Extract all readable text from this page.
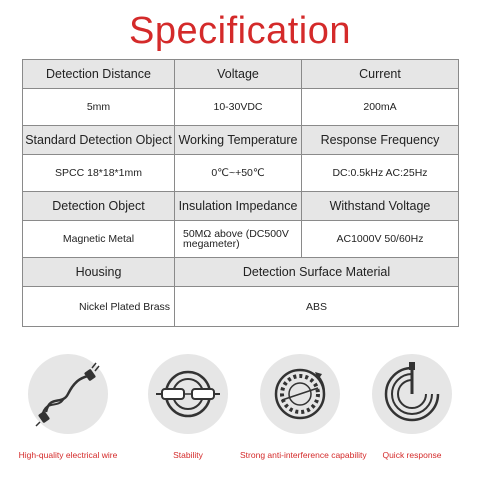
Specification
Detection Distance	Voltage	Current
5mm	10-30VDC	200mA
Standard Detection Object	Working Temperature	Response Frequency
SPCC 18*18*1mm	0℃~+50℃	DC:0.5kHz AC:25Hz
Detection Object	Insulation Impedance	Withstand Voltage
Magnetic Metal	50MΩ above (DC500V megameter)	AC1000V 50/60Hz
Housing	Detection Surface Material	
Nickel Plated Brass	ABS	
High-quality electrical wire	Stability	Strong anti-interference capability	Quick response
